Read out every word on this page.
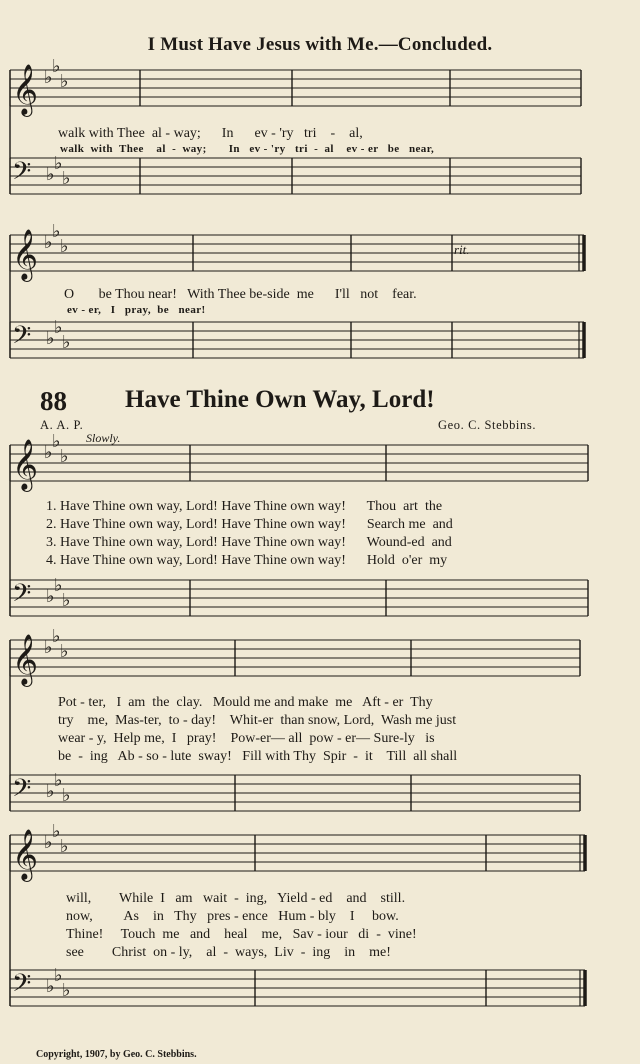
I Must Have Jesus with Me.—Concluded.
𝄞 ♭
♭
♭
𝄢 ♭
♭
♭
𝄞 ♭
♭
♭
𝄢 ♭
♭
♭
𝄞 ♭
♭
♭
𝄢 ♭
♭
♭
𝄞 ♭
♭
♭
𝄢 ♭
♭
♭
𝄞 ♭
♭
♭
𝄢 ♭
♭
♭
walk with Thee  al - way;      In      ev - 'ry   tri    -    al,
walk  with  Thee    al  -  way;       In   ev - 'ry   tri  -  al    ev - er   be   near,
rit.
O       be Thou near!   With Thee be-side  me      I'll   not    fear.
ev - er,   I   pray,  be   near!
88 Have Thine Own Way, Lord!
A. A. P.	Geo. C. Stebbins.
Slowly.
1. Have Thine own way, Lord! Have Thine own way!      Thou  art  the
2. Have Thine own way, Lord! Have Thine own way!      Search me  and
3. Have Thine own way, Lord! Have Thine own way!      Wound-ed  and
4. Have Thine own way, Lord! Have Thine own way!      Hold  o'er  my
Pot - ter,   I  am  the  clay.   Mould me and make  me   Aft - er  Thy
try    me,  Mas-ter,  to - day!    Whit-er  than snow, Lord,  Wash me just
wear - y,  Help me,  I   pray!    Pow-er— all  pow - er— Sure-ly   is
be  -  ing   Ab - so - lute  sway!   Fill with Thy  Spir  -  it    Till  all shall
will,        While  I   am   wait  -  ing,   Yield - ed    and    still.
now,         As    in   Thy   pres - ence   Hum - bly    I     bow.
Thine!     Touch  me   and    heal    me,   Sav - iour   di  -  vine!
see        Christ  on - ly,    al  -  ways,  Liv  -  ing    in    me!
Copyright, 1907, by Geo. C. Stebbins.
